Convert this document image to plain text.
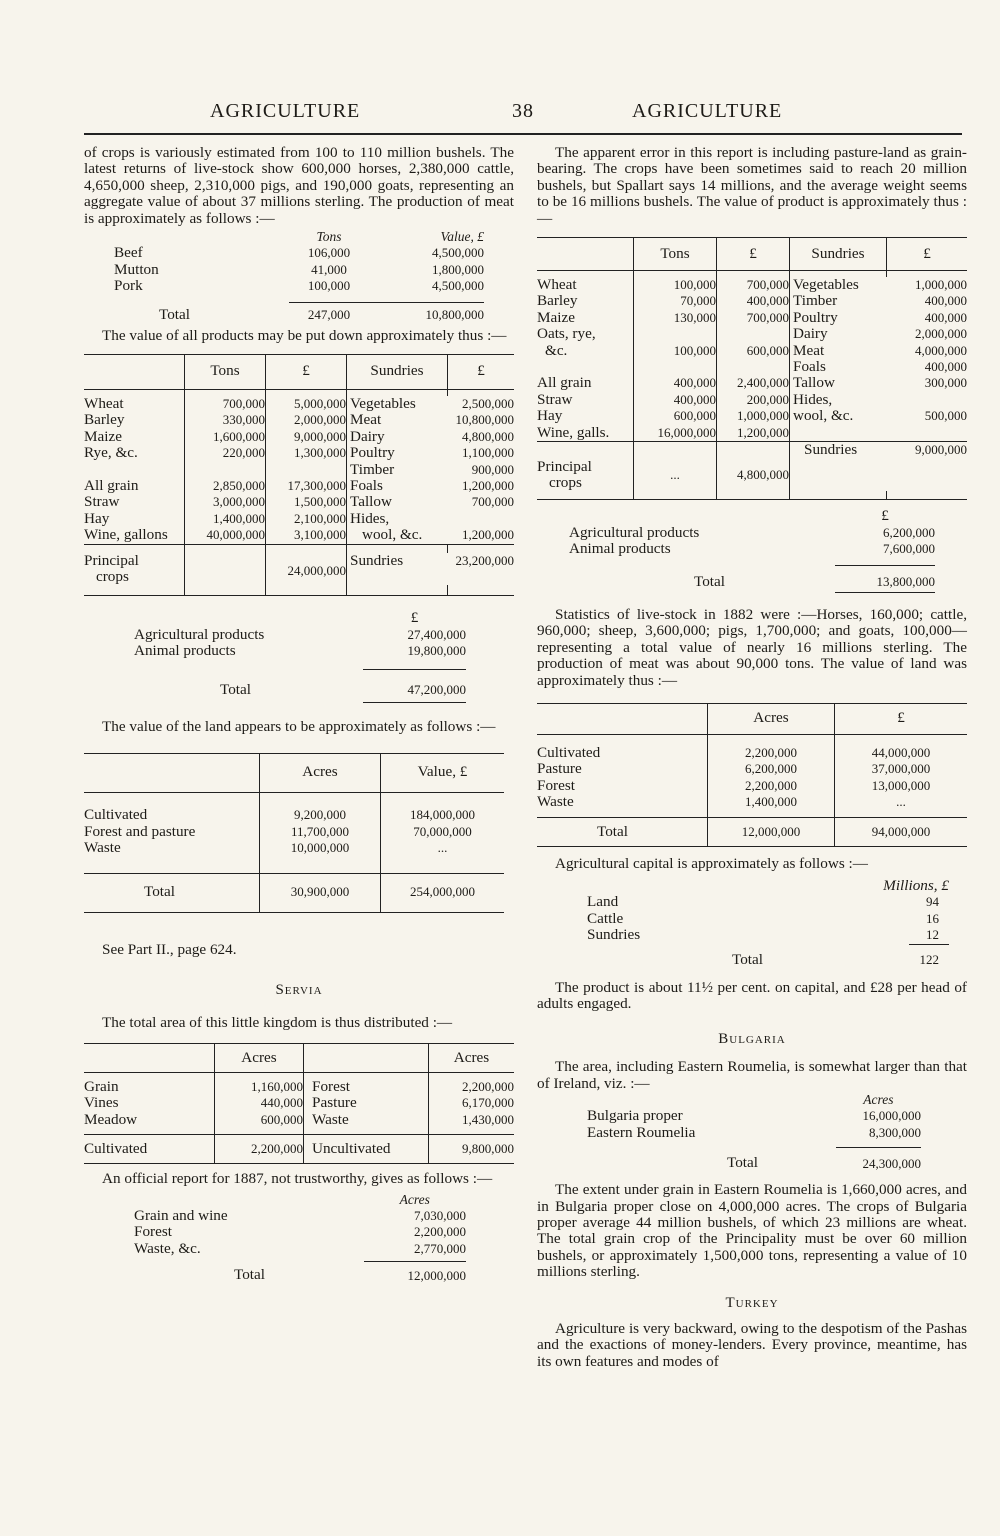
AGRICULTURE	38	AGRICULTURE

of crops is variously estimated from 100 to 110 million bushels. The latest returns of live-stock show 600,000 horses, 2,380,000 cattle, 4,650,000 sheep, 2,310,000 pigs, and 190,000 goats, representing an aggregate value of about 37 millions sterling. The production of meat is approximately as follows :—

	Tons	Value, £
Beef	106,000	4,500,000
Mutton	41,000	1,800,000
Pork	100,000	4,500,000

Total	247,000	10,800,000

The value of all products may be put down approximately thus :—

	Tons	£	Sundries	£

Wheat	700,000	5,000,000	Vegetables	2,500,000
Barley	330,000	2,000,000	Meat	10,800,000
Maize	1,600,000	9,000,000	Dairy	4,800,000
Rye, &c.	220,000	1,300,000	Poultry	1,100,000
			Timber	900,000
All grain	2,850,000	17,300,000	Foals	1,200,000
Straw	3,000,000	1,500,000	Tallow	700,000
Hay	1,400,000	2,100,000	Hides,	
Wine, gallons	40,000,000	3,100,000	wool, &c.	1,200,000

Principal
crops		24,000,000	Sundries	23,200,000

	£
Agricultural products	27,400,000
Animal products	19,800,000

Total	47,200,000

The value of the land appears to be approximately as follows :—

	Acres	Value, £

Cultivated	9,200,000	184,000,000
Forest and pasture	11,700,000	70,000,000
Waste	10,000,000	...

Total	30,900,000	254,000,000

See Part II., page 624.

Servia

The total area of this little kingdom is thus distributed :—

	Acres		Acres

Grain	1,160,000	Forest	2,200,000
Vines	440,000	Pasture	6,170,000
Meadow	600,000	Waste	1,430,000

Cultivated	2,200,000	Uncultivated	9,800,000

An official report for 1887, not trustworthy, gives as follows :—

	Acres
Grain and wine	7,030,000
Forest	2,200,000
Waste, &c.	2,770,000

Total	12,000,000

The apparent error in this report is including pasture-land as grain-bearing. The crops have been sometimes said to reach 20 million bushels, but Spallart says 14 millions, and the average weight seems to be 16 millions bushels. The value of product is approximately thus :—

	Tons	£	Sundries	£

Wheat	100,000	700,000	Vegetables	1,000,000
Barley	70,000	400,000	Timber	400,000
Maize	130,000	700,000	Poultry	400,000
Oats, rye,			Dairy	2,000,000
&c.	100,000	600,000	Meat	4,000,000
			Foals	400,000
All grain	400,000	2,400,000	Tallow	300,000
Straw	400,000	200,000	Hides,	
Hay	600,000	1,000,000	wool, &c.	500,000
Wine, galls.	16,000,000	1,200,000		
			Sundries	9,000,000
Principal
crops	...	4,800,000		

	£
Agricultural products	6,200,000
Animal products	7,600,000

Total	13,800,000

Statistics of live-stock in 1882 were :—Horses, 160,000; cattle, 960,000; sheep, 3,600,000; pigs, 1,700,000; and goats, 100,000—representing a total value of nearly 16 millions sterling. The production of meat was about 90,000 tons. The value of land was approximately thus :—

	Acres	£

Cultivated	2,200,000	44,000,000
Pasture	6,200,000	37,000,000
Forest	2,200,000	13,000,000
Waste	1,400,000	...

Total	12,000,000	94,000,000

Agricultural capital is approximately as follows :—

	Millions, £
Land	94
Cattle	16
Sundries	12

Total	122

The product is about 11½ per cent. on capital, and £28 per head of adults engaged.

Bulgaria

The area, including Eastern Roumelia, is somewhat larger than that of Ireland, viz. :—

	Acres
Bulgaria proper	16,000,000
Eastern Roumelia	8,300,000

Total	24,300,000

The extent under grain in Eastern Roumelia is 1,660,000 acres, and in Bulgaria proper close on 4,000,000 acres. The crops of Bulgaria proper average 44 million bushels, of which 23 millions are wheat. The total grain crop of the Principality must be over 60 million bushels, or approximately 1,500,000 tons, representing a value of 10 millions sterling.

Turkey

Agriculture is very backward, owing to the despotism of the Pashas and the exactions of money-lenders. Every province, meantime, has its own features and modes of
